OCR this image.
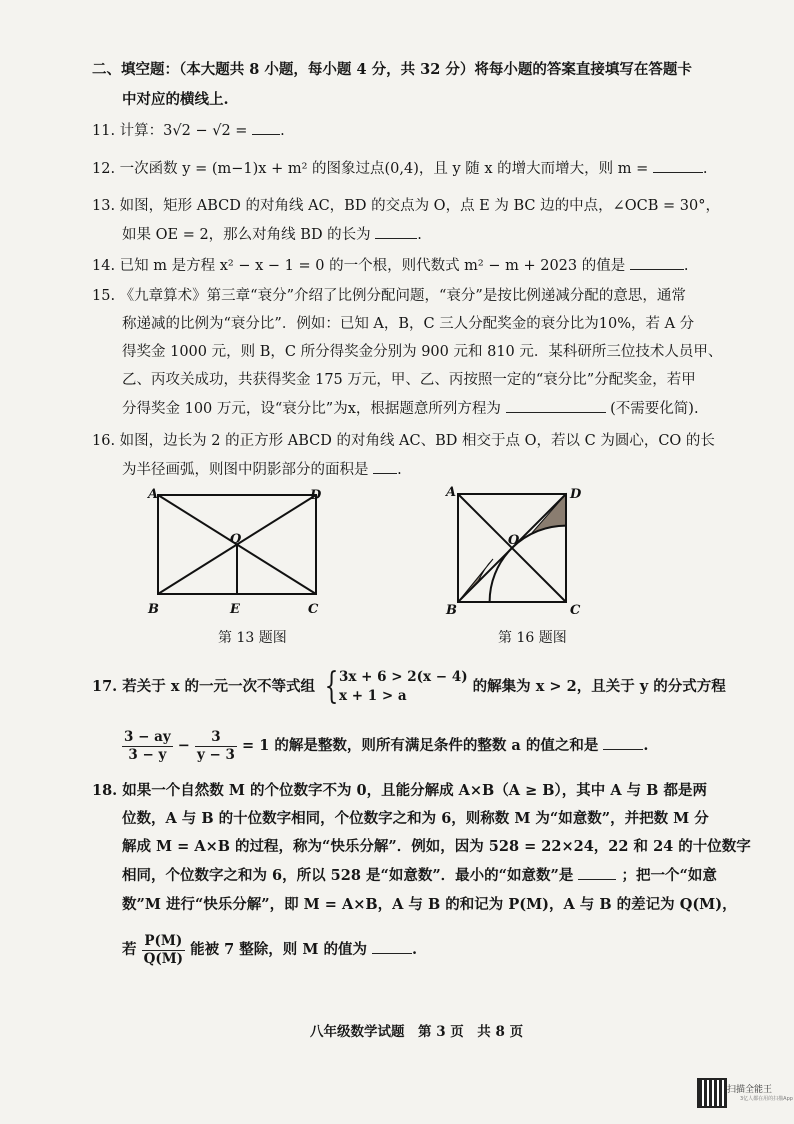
二、填空题：（本大题共 8 小题，每小题 4 分，共 32 分）将每小题的答案直接填写在答题卡
中对应的横线上.
11. 计算：3√2 − √2 = .
12. 一次函数 y = (m−1)x + m² 的图象过点(0,4)，且 y 随 x 的增大而增大，则 m =	.
13. 如图，矩形 ABCD 的对角线 AC，BD 的交点为 O，点 E 为 BC 边的中点，∠OCB = 30°，
如果 OE = 2，那么对角线 BD 的长为	.
14. 已知 m 是方程 x² − x − 1 = 0 的一个根，则代数式 m² − m + 2023 的值是	.
15. 《九章算术》第三章“衰分”介绍了比例分配问题，“衰分”是按比例递减分配的意思，通常
称递减的比例为“衰分比”．例如：已知 A，B，C 三人分配奖金的衰分比为10%，若 A 分
得奖金 1000 元，则 B，C 所分得奖金分别为 900 元和 810 元．某科研所三位技术人员甲、
乙、丙攻关成功，共获得奖金 175 万元，甲、乙、丙按照一定的“衰分比”分配奖金，若甲
分得奖金 100 万元，设“衰分比”为x，根据题意所列方程为	(不需要化简).
16. 如图，边长为 2 的正方形 ABCD 的对角线 AC、BD 相交于点 O，若以 C 为圆心，CO 的长
为半径画弧，则图中阴影部分的面积是 .
A	D
O
B	E	C
第 13 题图
A	D
O
B	C
第 16 题图
17. 若关于 x 的一元一次不等式组 { 3x + 6 > 2(x − 4)
x + 1 > a
的解集为 x > 2，且关于 y 的分式方程
$\frac{3 - ay}{3 - y} - \frac{3}{y - 3} = 1$ 的解是整数，则所有满足条件的整数 a 的值之和是	.
18. 如果一个自然数 M 的个位数字不为 0，且能分解成 A×B（A ≥ B），其中 A 与 B 都是两
位数，A 与 B 的十位数字相同，个位数字之和为 6，则称数 M 为“如意数”，并把数 M 分
解成 M = A×B 的过程，称为“快乐分解”．例如，因为 528 = 22×24，22 和 24 的十位数字
相同，个位数字之和为 6，所以 528 是“如意数”．最小的“如意数”是	；把一个“如意
数”M 进行“快乐分解”，即 M = A×B，A 与 B 的和记为 P(M)，A 与 B 的差记为 Q(M)，
若 $\frac{P(M)}{Q(M)}$ 能被 7 整除，则 M 的值为	.
八年级数学试题　第 3 页　共 8 页
扫描全能王
3亿人都在用的扫描App
